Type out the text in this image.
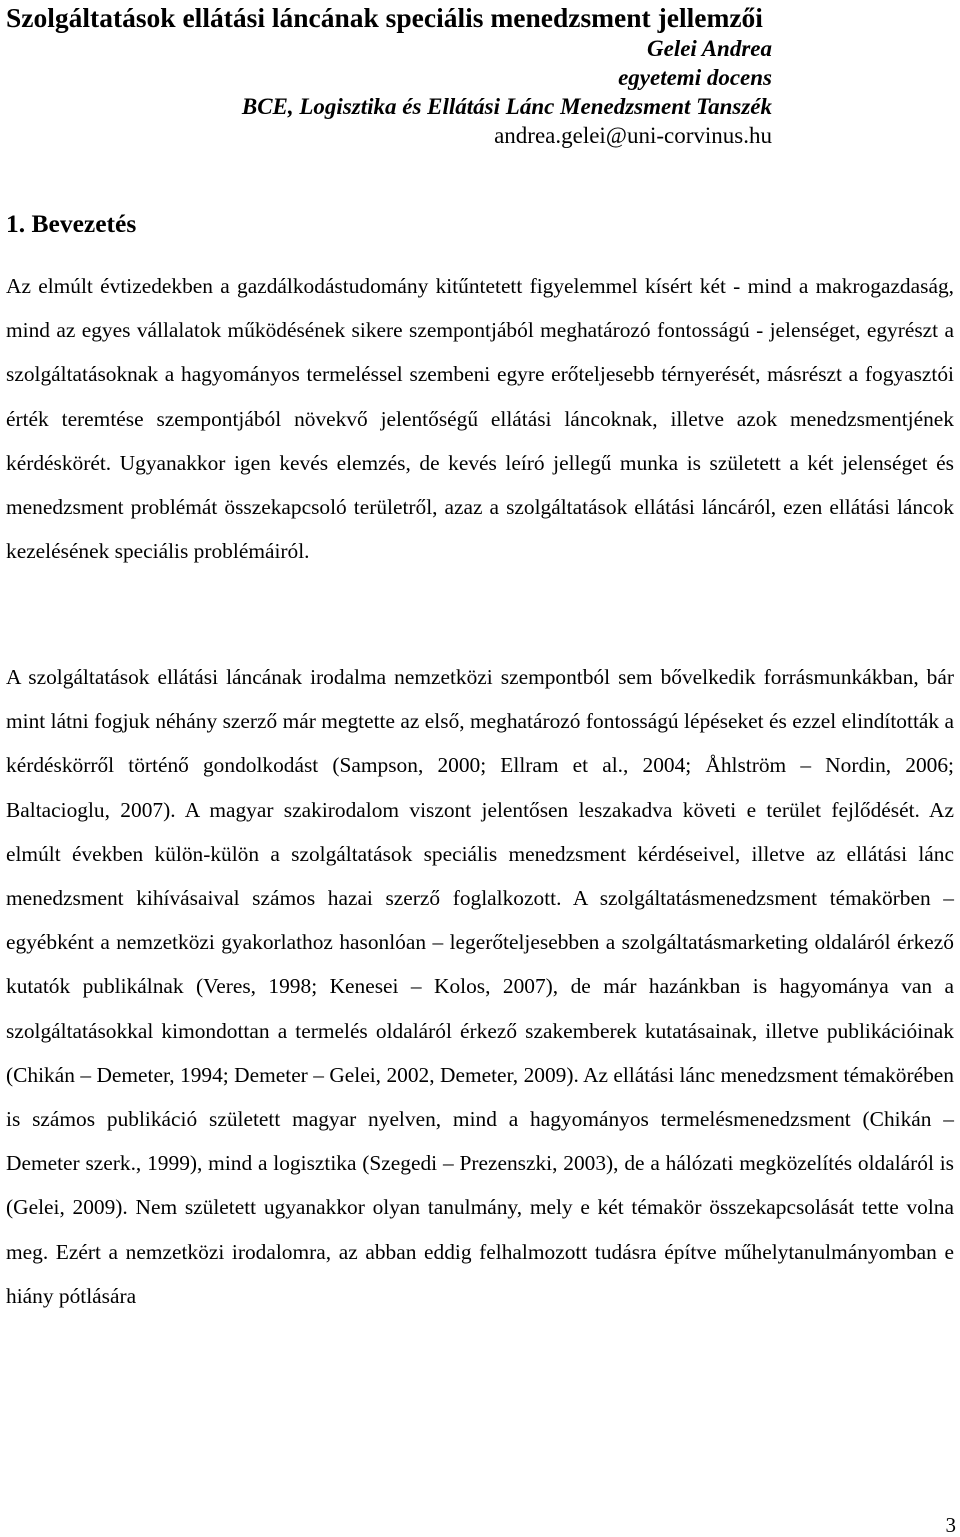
Szolgáltatások ellátási láncának speciális menedzsment jellemzői
Gelei Andrea
egyetemi docens
BCE, Logisztika és Ellátási Lánc Menedzsment Tanszék
andrea.gelei@uni-corvinus.hu
1. Bevezetés

Az elmúlt évtizedekben a gazdálkodástudomány kitűntetett figyelemmel kísért két - mind a makrogazdaság, mind az egyes vállalatok működésének sikere szempontjából meghatározó fontosságú - jelenséget, egyrészt a szolgáltatásoknak a hagyományos termeléssel szembeni egyre erőteljesebb térnyerését, másrészt a fogyasztói érték teremtése szempontjából növekvő jelentőségű ellátási láncoknak, illetve azok menedzsmentjének kérdéskörét. Ugyanakkor igen kevés elemzés, de kevés leíró jellegű munka is született a két jelenséget és menedzsment problémát összekapcsoló területről, azaz a szolgáltatások ellátási láncáról, ezen ellátási láncok kezelésének speciális problémáiról.

A szolgáltatások ellátási láncának irodalma nemzetközi szempontból sem bővelkedik forrásmunkákban, bár mint látni fogjuk néhány szerző már megtette az első, meghatározó fontosságú lépéseket és ezzel elindították a kérdéskörről történő gondolkodást (Sampson, 2000; Ellram et al., 2004; Åhlström – Nordin, 2006; Baltacioglu, 2007). A magyar szakirodalom viszont jelentősen leszakadva követi e terület fejlődését. Az elmúlt években külön-külön a szolgáltatások speciális menedzsment kérdéseivel, illetve az ellátási lánc menedzsment kihívásaival számos hazai szerző foglalkozott. A szolgáltatásmenedzsment témakörben – egyébként a nemzetközi gyakorlathoz hasonlóan – legerőteljesebben a szolgáltatásmarketing oldaláról érkező kutatók publikálnak (Veres, 1998; Kenesei – Kolos, 2007), de már hazánkban is hagyománya van a szolgáltatásokkal kimondottan a termelés oldaláról érkező szakemberek kutatásainak, illetve publikációinak (Chikán – Demeter, 1994; Demeter – Gelei, 2002, Demeter, 2009). Az ellátási lánc menedzsment témakörében is számos publikáció született magyar nyelven, mind a hagyományos termelésmenedzsment (Chikán – Demeter szerk., 1999), mind a logisztika (Szegedi – Prezenszki, 2003), de a hálózati megközelítés oldaláról is (Gelei, 2009). Nem született ugyanakkor olyan tanulmány, mely e két témakör összekapcsolását tette volna meg. Ezért a nemzetközi irodalomra, az abban eddig felhalmozott tudásra építve műhelytanulmányomban e hiány pótlására

3
